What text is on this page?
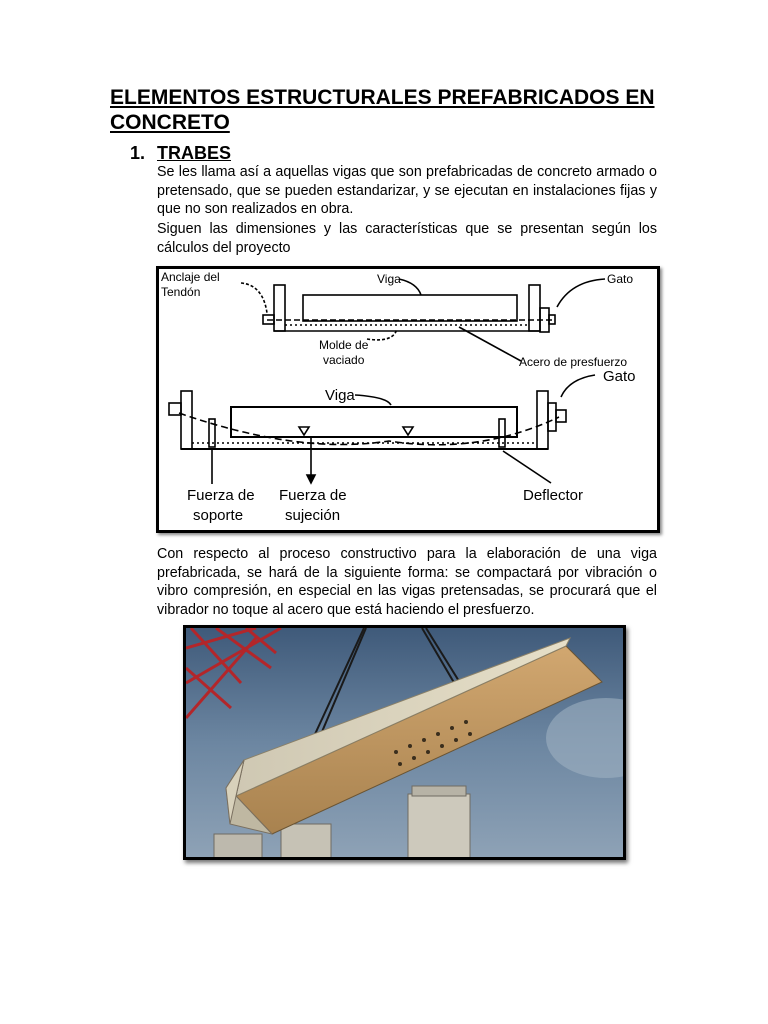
ELEMENTOS ESTRUCTURALES PREFABRICADOS EN CONCRETO
1. TRABES

Se les llama así a aquellas vigas que son prefabricadas de concreto armado o pretensado, que se pueden estandarizar, y se ejecutan en instalaciones fijas y que no son realizados en obra.

Siguen las dimensiones y las características que se presentan según los cálculos del proyecto

Anclaje del
Tendón
Viga	Gato
Molde de
vaciado	Acero de presfuerzo
Gato
Viga
Fuerza de
soporte
Fuerza de
sujeción
Deflector

Con respecto al proceso constructivo para la elaboración de una viga prefabricada, se hará de la siguiente forma: se compactará por vibración o vibro compresión, en especial en las vigas pretensadas, se procurará que el vibrador no toque al acero que está haciendo el presfuerzo.
